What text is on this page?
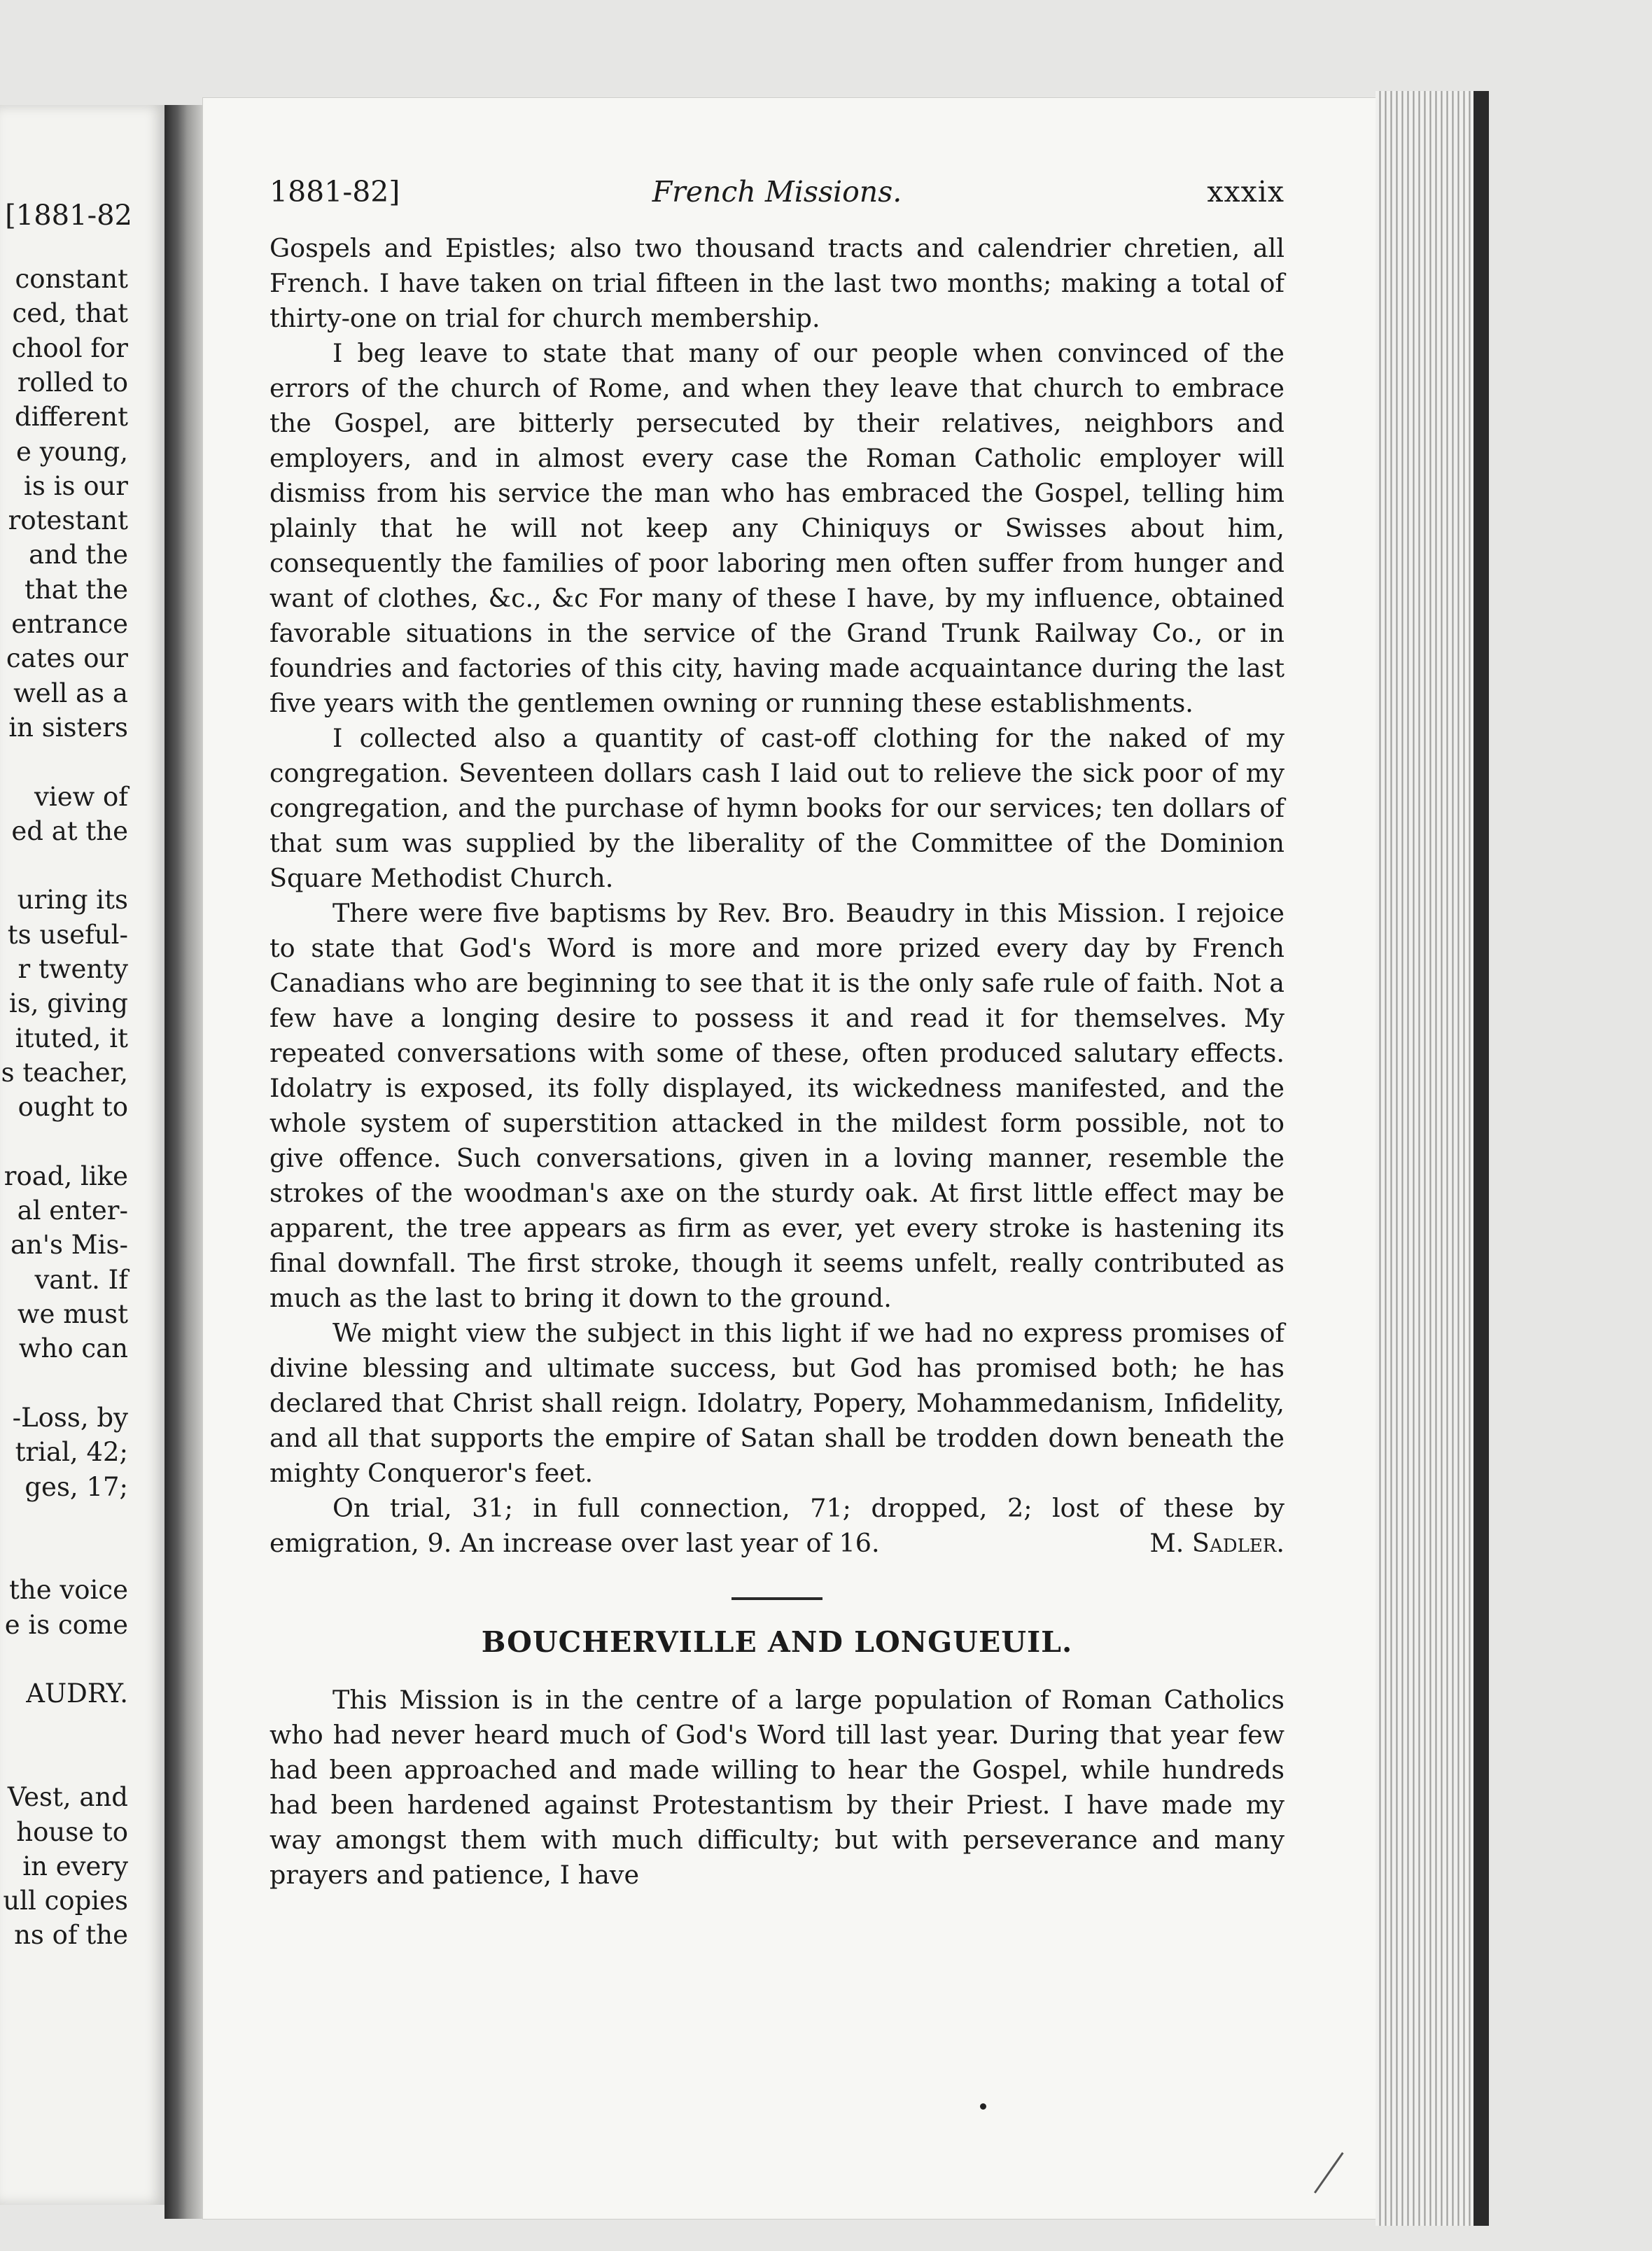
[1881-82
constant
ced, that
chool for
rolled to
different
e young,
is is our
rotestant
and the
that the
entrance
cates our
well as a
in sisters
view of
ed at the
uring its
ts useful-
r twenty
is, giving
ituted, it
s teacher,
ought to
road, like
al enter-
an's Mis-
vant. If
we must
who can
-Loss, by
trial, 42;
ges, 17;
the voice
e is come
AUDRY.
Vest, and
house to
in every
ull copies
ns of the
1881-82]	French Missions.	xxxix

Gospels and Epistles; also two thousand tracts and calendrier chretien, all French. I have taken on trial fifteen in the last two months; making a total of thirty-one on trial for church membership.

I beg leave to state that many of our people when convinced of the errors of the church of Rome, and when they leave that church to embrace the Gospel, are bitterly persecuted by their relatives, neighbors and employers, and in almost every case the Roman Catholic employer will dismiss from his service the man who has embraced the Gospel, telling him plainly that he will not keep any Chiniquys or Swisses about him, consequently the families of poor laboring men often suffer from hunger and want of clothes, &c., &c For many of these I have, by my influence, obtained favorable situations in the service of the Grand Trunk Railway Co., or in foundries and factories of this city, having made acquaintance during the last five years with the gentlemen owning or running these establishments.

I collected also a quantity of cast-off clothing for the naked of my congregation. Seventeen dollars cash I laid out to relieve the sick poor of my congregation, and the purchase of hymn books for our services; ten dollars of that sum was supplied by the liberality of the Committee of the Dominion Square Methodist Church.

There were five baptisms by Rev. Bro. Beaudry in this Mission. I rejoice to state that God's Word is more and more prized every day by French Canadians who are beginning to see that it is the only safe rule of faith. Not a few have a longing desire to possess it and read it for themselves. My repeated conversations with some of these, often produced salutary effects. Idolatry is exposed, its folly displayed, its wickedness manifested, and the whole system of superstition attacked in the mildest form possible, not to give offence. Such conversations, given in a loving manner, resemble the strokes of the woodman's axe on the sturdy oak. At first little effect may be apparent, the tree appears as firm as ever, yet every stroke is hastening its final downfall. The first stroke, though it seems unfelt, really contributed as much as the last to bring it down to the ground.

We might view the subject in this light if we had no express promises of divine blessing and ultimate success, but God has promised both; he has declared that Christ shall reign. Idolatry, Popery, Mohammedanism, Infidelity, and all that supports the empire of Satan shall be trodden down beneath the mighty Conqueror's feet.

On trial, 31; in full connection, 71; dropped, 2; lost of these by emigration, 9. An increase over last year of 16.	M. Sadler.

BOUCHERVILLE AND LONGUEUIL.

This Mission is in the centre of a large population of Roman Catholics who had never heard much of God's Word till last year. During that year few had been approached and made willing to hear the Gospel, while hundreds had been hardened against Protestantism by their Priest. I have made my way amongst them with much difficulty; but with perseverance and many prayers and patience, I have
